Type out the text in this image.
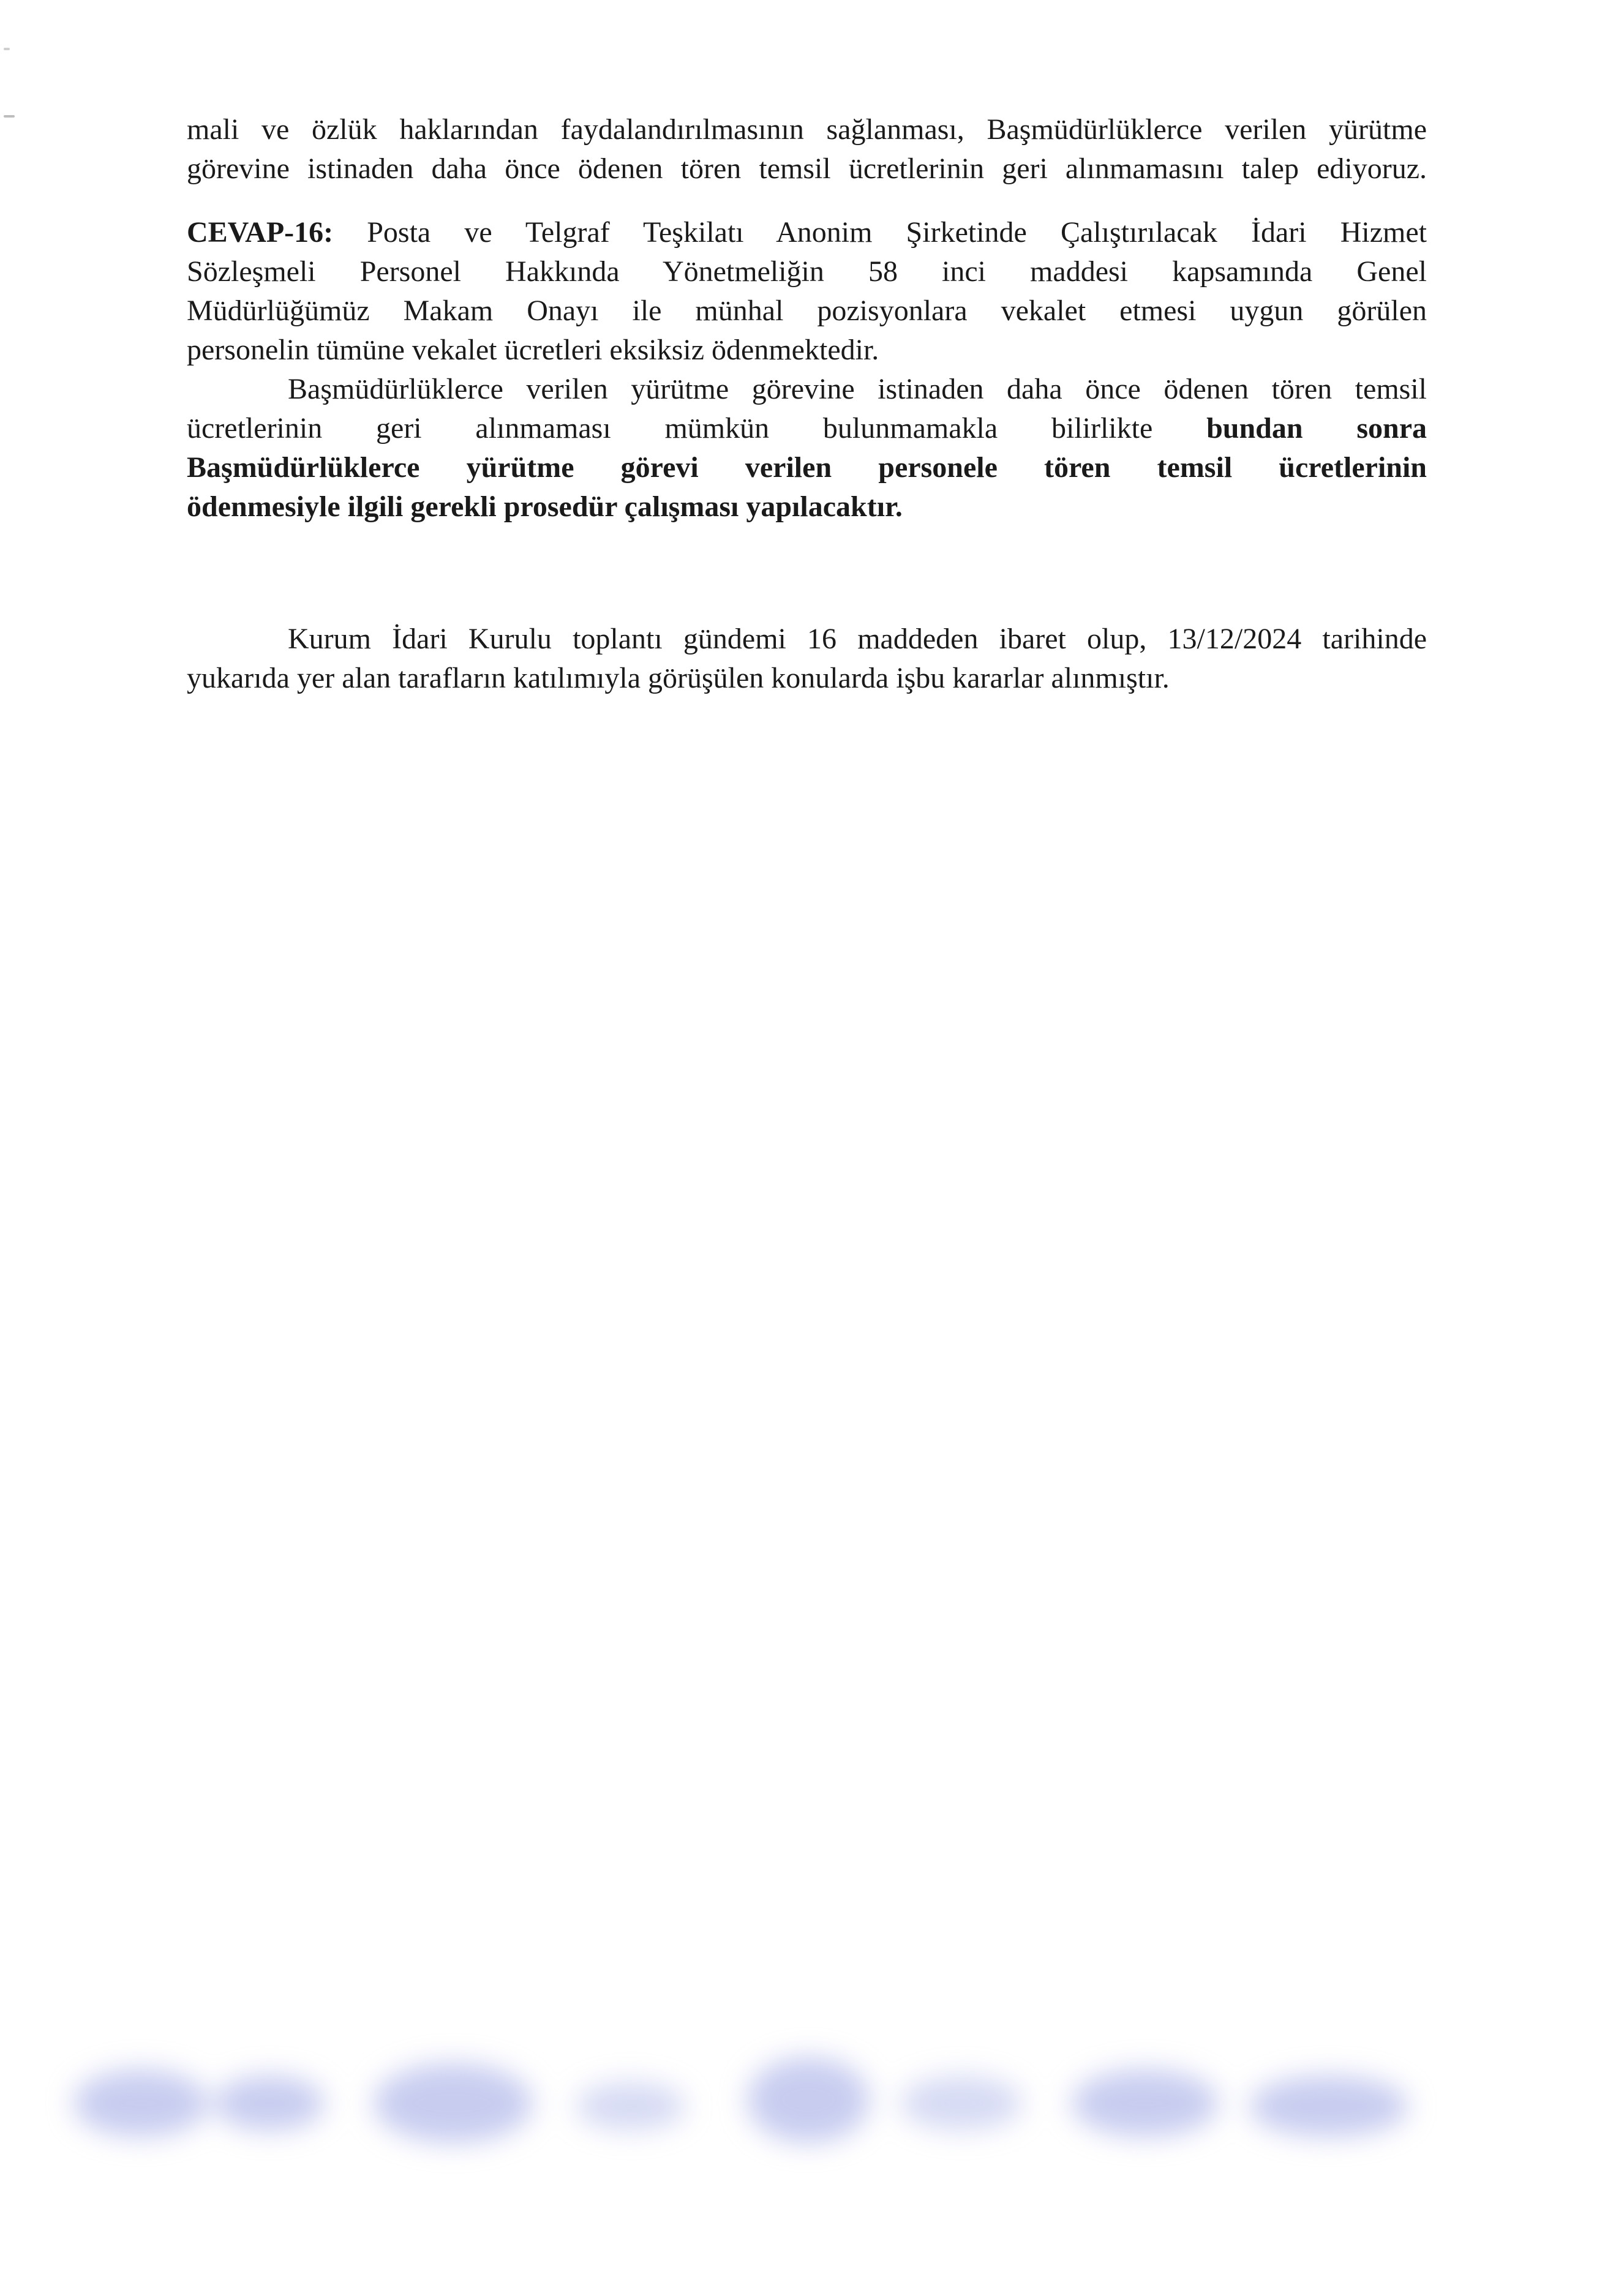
mali ve özlük haklarından faydalandırılmasının sağlanması, Başmüdürlüklerce verilen yürütme
görevine istinaden daha önce ödenen tören temsil ücretlerinin geri alınmamasını talep ediyoruz.
CEVAP-16: Posta ve Telgraf Teşkilatı Anonim Şirketinde Çalıştırılacak İdari Hizmet
Sözleşmeli Personel Hakkında Yönetmeliğin 58 inci maddesi kapsamında Genel
Müdürlüğümüz Makam Onayı ile münhal pozisyonlara vekalet etmesi uygun görülen
personelin tümüne vekalet ücretleri eksiksiz ödenmektedir.
Başmüdürlüklerce verilen yürütme görevine istinaden daha önce ödenen tören temsil
ücretlerinin geri alınmaması mümkün bulunmamakla bilirlikte bundan sonra
Başmüdürlüklerce yürütme görevi verilen personele tören temsil ücretlerinin
ödenmesiyle ilgili gerekli prosedür çalışması yapılacaktır.
Kurum İdari Kurulu toplantı gündemi 16 maddeden ibaret olup, 13/12/2024 tarihinde
yukarıda yer alan tarafların katılımıyla görüşülen konularda işbu kararlar alınmıştır.
